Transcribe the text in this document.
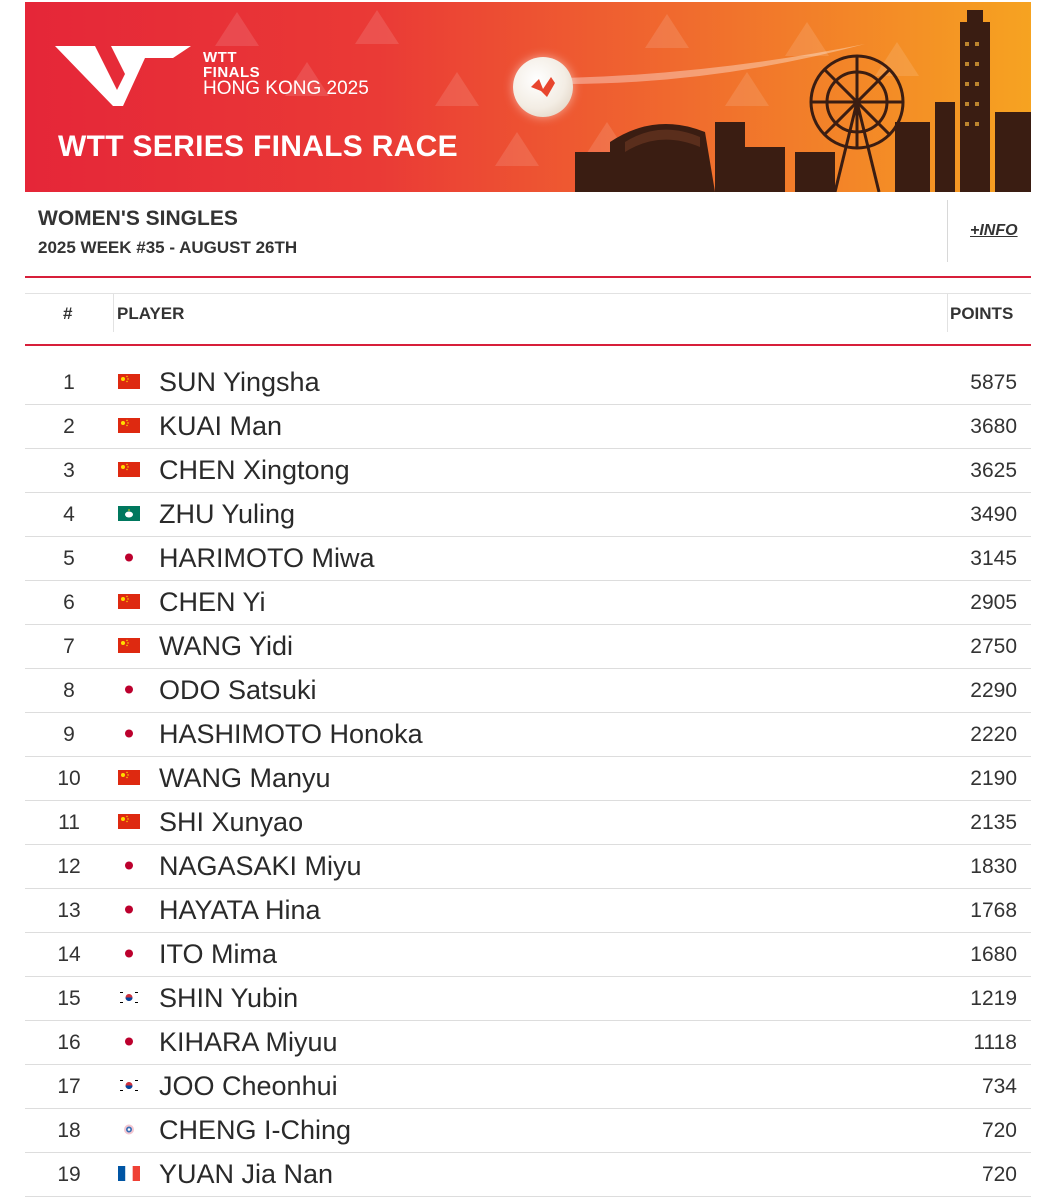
WTT
FINALS
HONG KONG 2025
WTT SERIES FINALS RACE
WOMEN'S SINGLES
2025 WEEK #35 - AUGUST 26TH
+INFO
#	PLAYER	POINTS
1	SUN Yingsha	5875
2	KUAI Man	3680
3	CHEN Xingtong	3625
4	ZHU Yuling	3490
5	HARIMOTO Miwa	3145
6	CHEN Yi	2905
7	WANG Yidi	2750
8	ODO Satsuki	2290
9	HASHIMOTO Honoka	2220
10	WANG Manyu	2190
11	SHI Xunyao	2135
12	NAGASAKI Miyu	1830
13	HAYATA Hina	1768
14	ITO Mima	1680
15	SHIN Yubin	1219
16	KIHARA Miyuu	1118
17	JOO Cheonhui	734
18	CHENG I-Ching	720
19	YUAN Jia Nan	720
